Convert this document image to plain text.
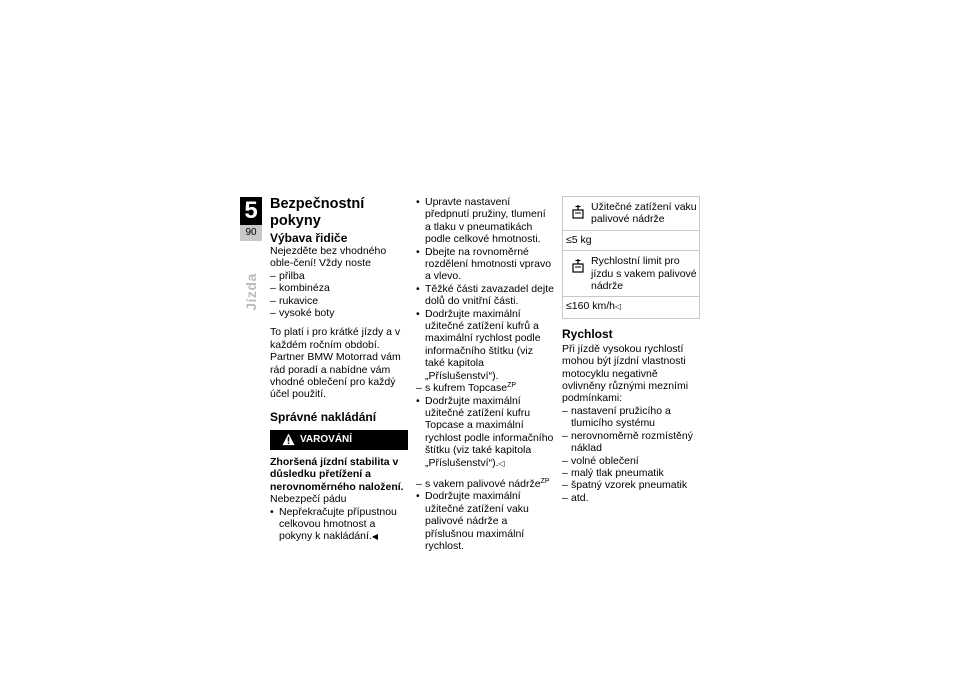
5
90
Jízda
Bezpečnostní pokyny
Výbava řidiče

Nejezděte bez vhodného oble-čení! Vždy noste

– přilba
– kombinéza
– rukavice
– vysoké boty

To platí i pro krátké jízdy a v každém ročním období. Partner BMW Motorrad vám rád poradí a nabídne vám vhodné oblečení pro každý účel použití.

Správné nakládání
VAROVÁNÍ

Zhoršená jízdní stabilita v důsledku přetížení a nerovnoměrného naložení.

Nebezpečí pádu

• Nepřekračujte přípustnou celkovou hmotnost a pokyny k nakládání.◀
• Upravte nastavení předpnutí pružiny, tlumení a tlaku v pneumatikách podle celkové hmotnosti.
• Dbejte na rovnoměrné rozdělení hmotnosti vpravo a vlevo.
• Těžké části zavazadel dejte dolů do vnitřní části.
• Dodržujte maximální užitečné zatížení kufrů a maximální rychlost podle informačního štítku (viz také kapitola „Příslušenství“).
– s kufrem Topcase$^{ZP}$
• Dodržujte maximální užitečné zatížení kufru Topcase a maximální rychlost podle informačního štítku (viz také kapitola „Příslušenství“).◁
– s vakem palivové nádrže$^{ZP}$
• Dodržujte maximální užitečné zatížení vaku palivové nádrže a příslušnou maximální rychlost.
Užitečné zatížení vaku palivové nádrže
≤5 kg
Rychlostní limit pro jízdu s vakem palivové nádrže
≤160 km/h◁
Rychlost

Při jízdě vysokou rychlostí mohou být jízdní vlastnosti motocyklu negativně ovlivněny různými mezními podmínkami:

– nastavení pružicího a tlumicího systému
– nerovnoměrně rozmístěný náklad
– volné oblečení
– malý tlak pneumatik
– špatný vzorek pneumatik
– atd.
